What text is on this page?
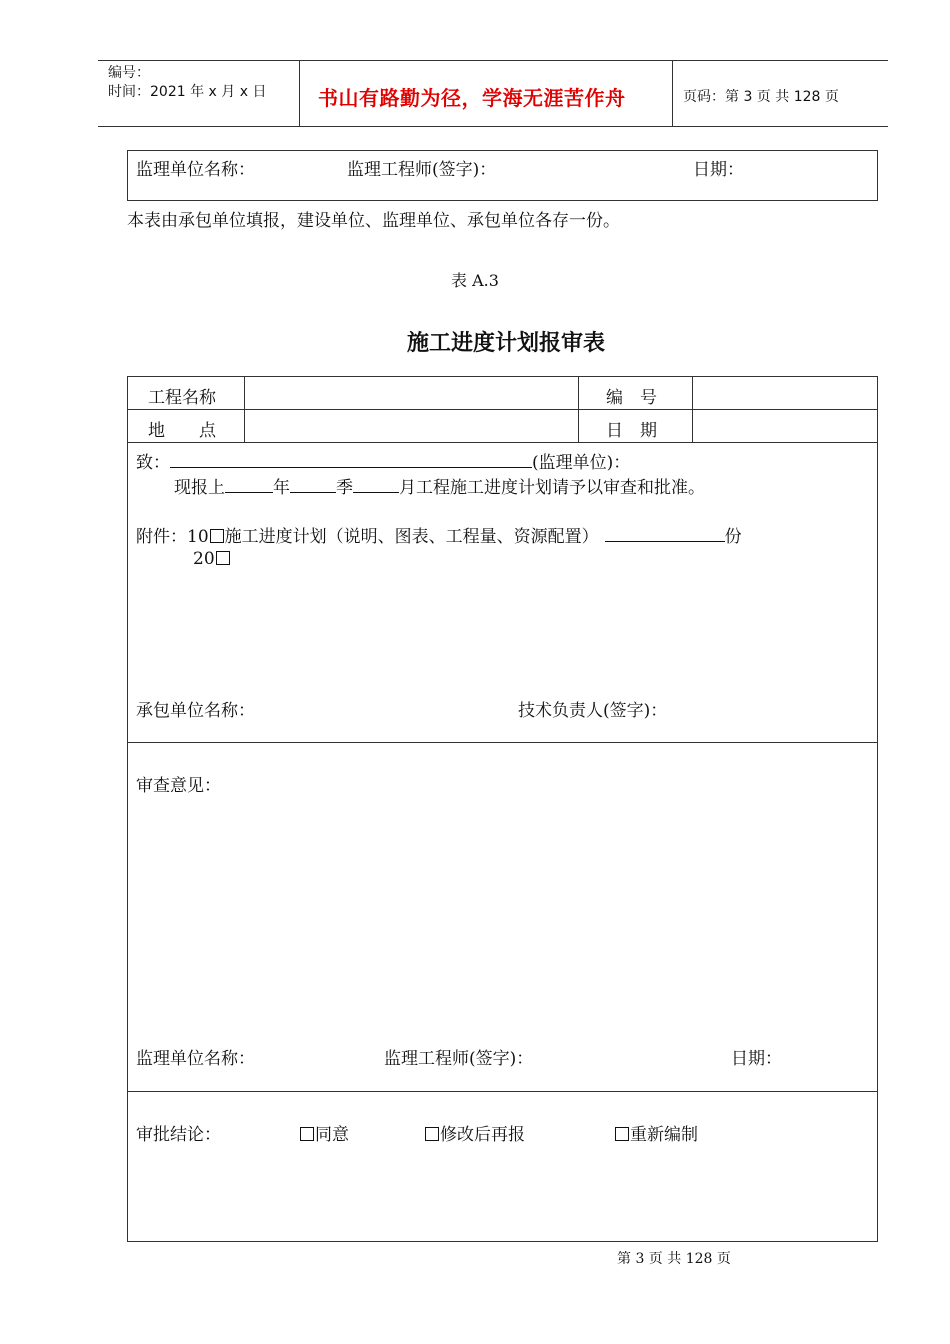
编号：
时间：2021 年 x 月 x 日	书山有路勤为径，学海无涯苦作舟	页码：第 3 页 共 128 页
监理单位名称：	监理工程师(签字)：	日期：
本表由承包单位填报，建设单位、监理单位、承包单位各存一份。
表 A.3
施工进度计划报审表
工程名称	编　号
地　　点	日　期
致：	(监理单位)：
现报上	年	季	月工程施工进度计划请予以审查和批准。
附件：10 施工进度计划（说明、图表、工程量、资源配置）	份
20
承包单位名称：	技术负责人(签字)：
审查意见：
监理单位名称：	监理工程师(签字)：	日期：
审批结论：	同意	修改后再报	重新编制
第 3 页 共 128 页
